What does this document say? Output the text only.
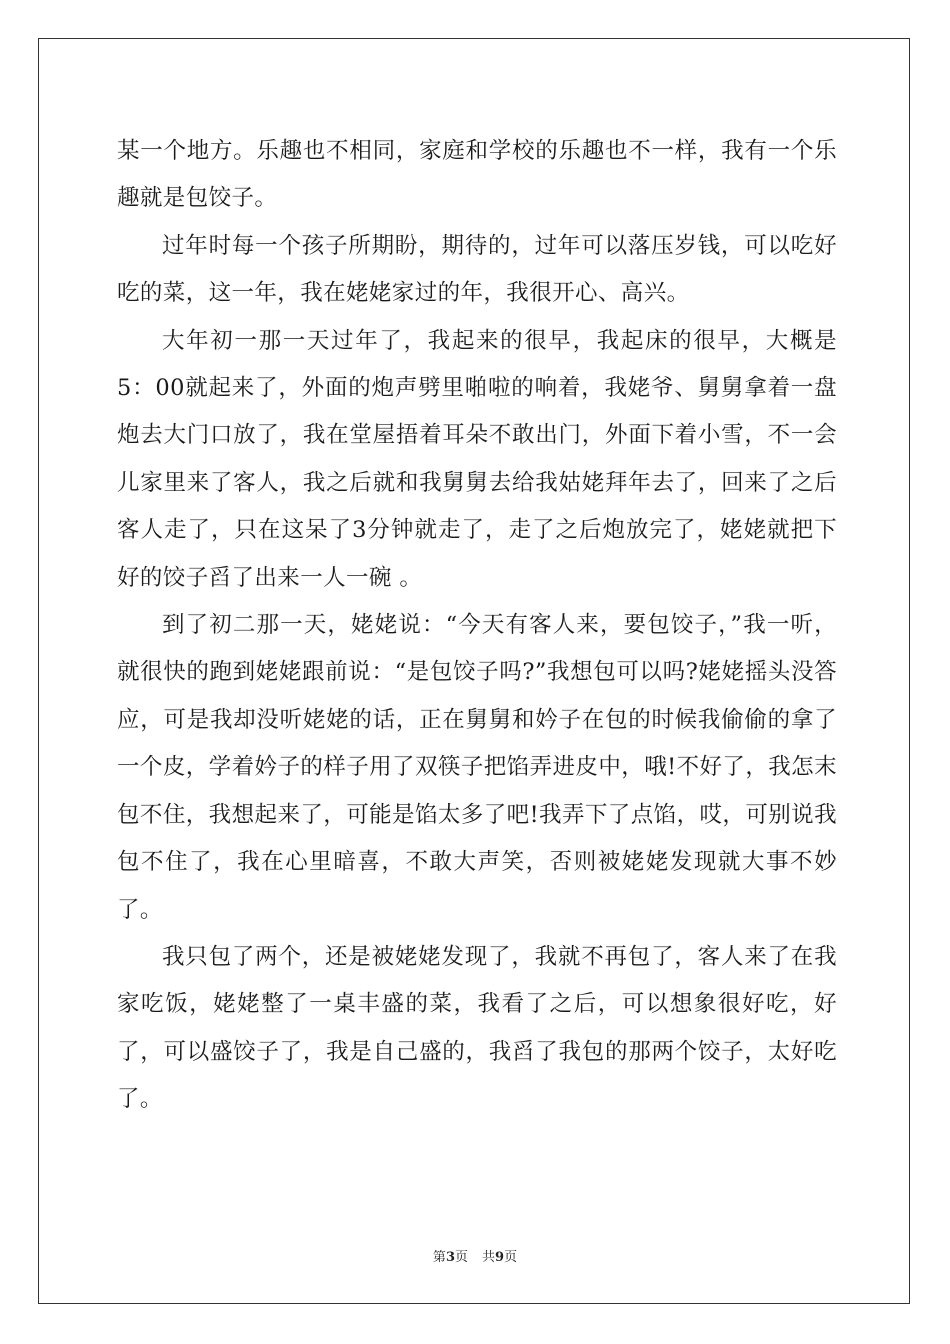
某一个地方。乐趣也不相同，家庭和学校的乐趣也不一样，我有一个乐趣就是包饺子。

过年时每一个孩子所期盼，期待的，过年可以落压岁钱，可以吃好吃的菜，这一年，我在姥姥家过的年，我很开心、高兴。

大年初一那一天过年了，我起来的很早，我起床的很早，大概是5：00就起来了，外面的炮声劈里啪啦的响着，我姥爷、舅舅拿着一盘炮去大门口放了，我在堂屋捂着耳朵不敢出门，外面下着小雪，不一会儿家里来了客人，我之后就和我舅舅去给我姑姥拜年去了，回来了之后客人走了，只在这呆了3分钟就走了，走了之后炮放完了，姥姥就把下好的饺子舀了出来一人一碗 。

到了初二那一天，姥姥说：“今天有客人来，要包饺子，”我一听，就很快的跑到姥姥跟前说：“是包饺子吗?”我想包可以吗?姥姥摇头没答应，可是我却没听姥姥的话，正在舅舅和妗子在包的时候我偷偷的拿了一个皮，学着妗子的样子用了双筷子把馅弄进皮中，哦!不好了，我怎末包不住，我想起来了，可能是馅太多了吧!我弄下了点馅，哎，可别说我包不住了，我在心里暗喜，不敢大声笑，否则被姥姥发现就大事不妙了。

我只包了两个，还是被姥姥发现了，我就不再包了，客人来了在我家吃饭，姥姥整了一桌丰盛的菜，我看了之后，可以想象很好吃，好了，可以盛饺子了，我是自己盛的，我舀了我包的那两个饺子，太好吃了。

第3页 共9页
